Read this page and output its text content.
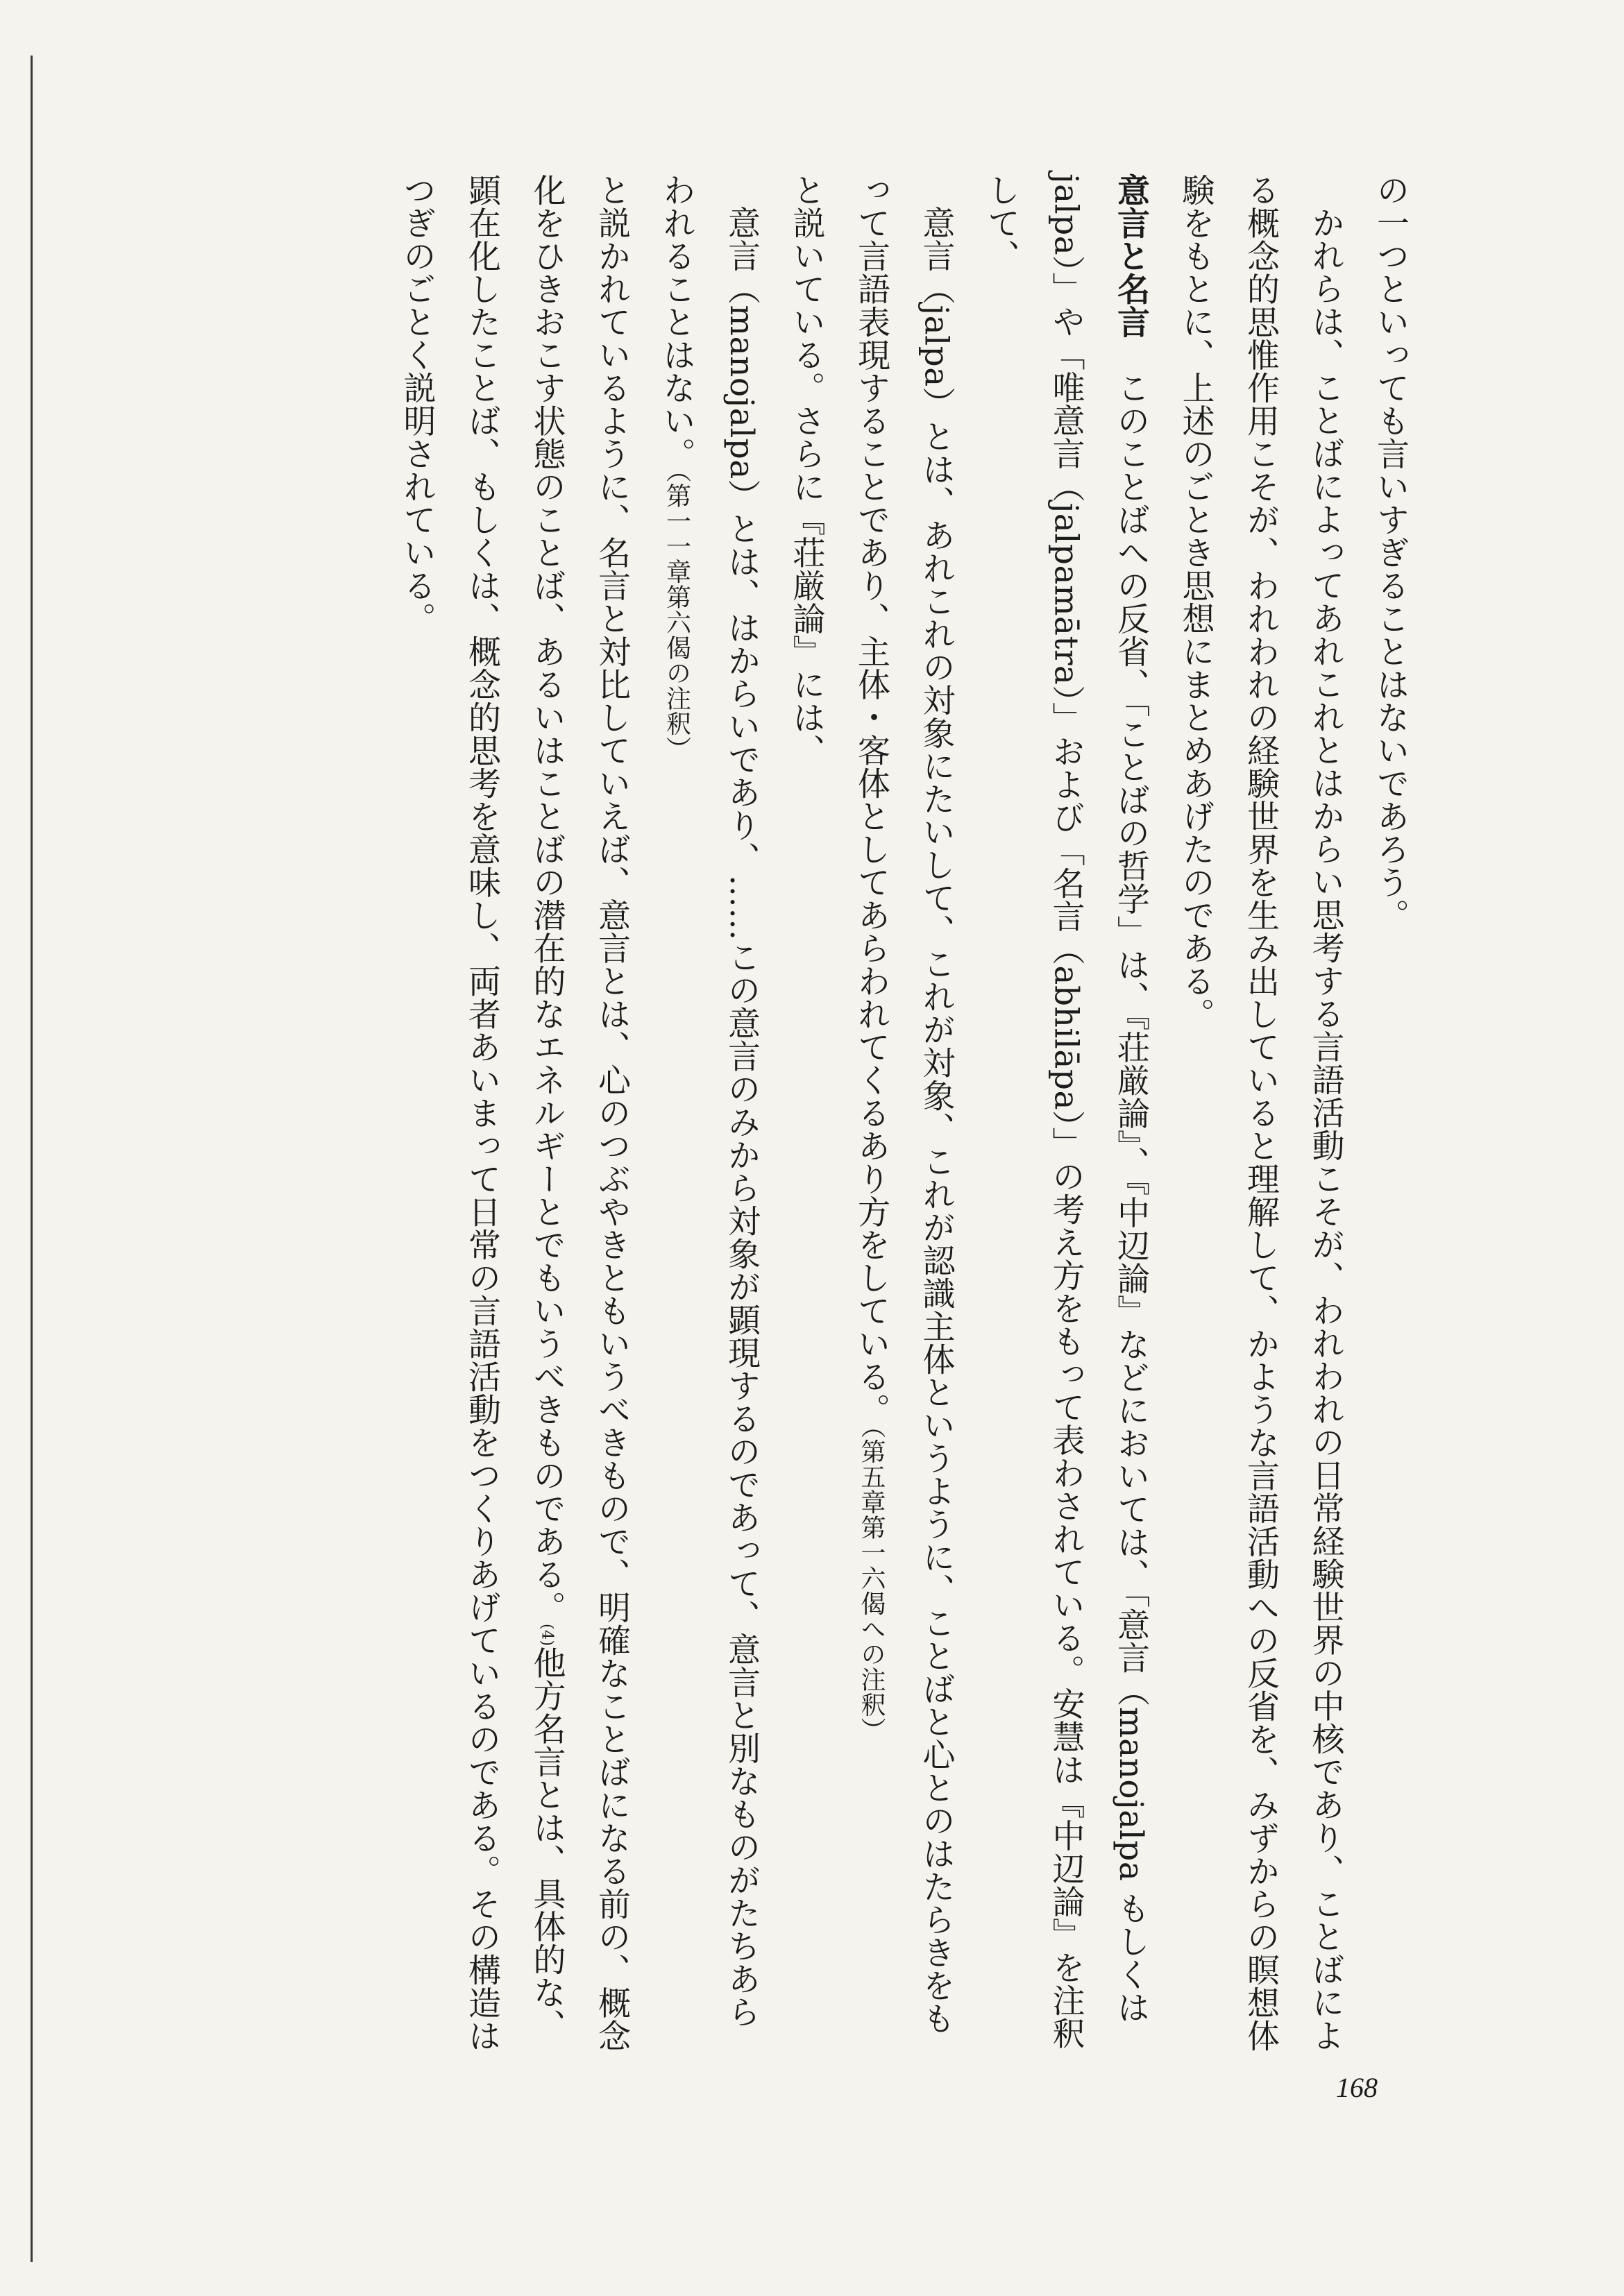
の一つといっても言いすぎることはないであろう。

かれらは、ことばによってあれこれとはからい思考する言語活動こそが、われわれの日常経験世界の中核であり、ことばによる概念的思惟作用こそが、われわれの経験世界を生み出していると理解して、かような言語活動への反省を、みずからの瞑想体験をもとに、上述のごとき思想にまとめあげたのである。

意言と名言　このことばへの反省、「ことばの哲学」は、『荘厳論』、『中辺論』などにおいては、「意言（manojalpa もしくは jalpa）」や「唯意言（jalpamātra）」および「名言（abhilāpa）」の考え方をもって表わされている。安慧は『中辺論』を注釈して、

意言（jalpa）とは、あれこれの対象にたいして、これが対象、これが認識主体というように、ことばと心とのはたらきをもって言語表現することであり、主体・客体としてあらわれてくるあり方をしている。（第五章第一六偈への注釈）

と説いている。さらに『荘厳論』には、

意言（manojalpa）とは、はからいであり、……この意言のみから対象が顕現するのであって、意言と別なものがたちあらわれることはない。（第一一章第六偈の注釈）

と説かれているように、名言と対比していえば、意言とは、心のつぶやきともいうべきもので、明確なことばになる前の、概念化をひきおこす状態のことば、あるいはことばの潜在的なエネルギーとでもいうべきものである。(4)他方名言とは、具体的な、顕在化したことば、もしくは、概念的思考を意味し、両者あいまって日常の言語活動をつくりあげているのである。その構造はつぎのごとく説明されている。

168
